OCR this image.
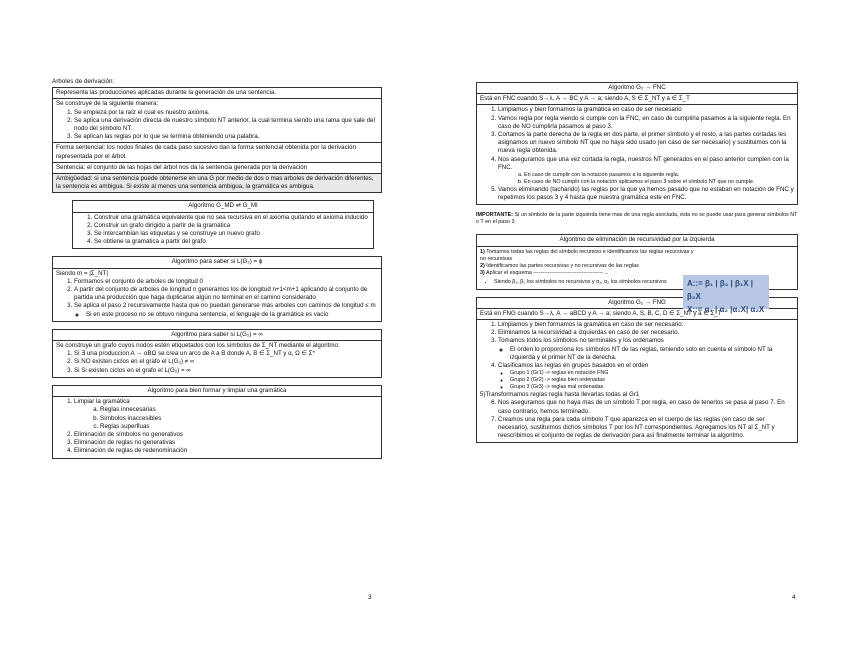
Arboles de derivación:
Representa las producciones aplicadas durante la generación de una sentencia.
Se construye de la siguiente manera:
1. Se empieza por la raíz el cual es nuestro axioma.
2. Se aplica una derivación directa de nuestro símbolo NT anterior, la cual termina siendo una rama que sale del nodo del símbolo NT.
3. Se aplican las reglas por lo que se termina obteniendo una palabra.
Forma sentencial: los nodos finales de cada paso sucesivo dan la forma sentencial obtenida por la derivación representada por el árbol.
Sentencia: el conjunto de las hojas del árbol nos da la sentencia generada por la derivación
Ambigüedad: si una sentencia puede obtenerse en una G por medio de dos o mas arboles de derivación diferentes, la sentencia es ambigua. Si existe al menos una sentencia ambigua, la gramática es ambigua.
Algoritmo G_MD ⇄ G_MI
1. Construir una gramática equivalente que no sea recursiva en el axioma quitando el axioma inducido
2. Construir un grafo dirigido a partir de la gramática
3. Se intercambian las etiquetas y se construye un nuevo grafo
4. Se obtiene la gramática a partir del grafo
Algoritmo para saber si L(G₂) = ϕ
Siendo m = |Σ_NT|
1. Formamos el conjunto de arboles de longitud 0
2. A partir del conjunto de arboles de longitud n generamos los de longitud n+1<m+1 aplicando al conjunto de partida una producción que haga duplicarse algún no terminal en el camino considerado
3. Se aplica el paso 2 recursivamente hasta que no puedan generarse más arboles con caminos de longitud ≤ m
◦ Si en este proceso no se obtuvo ninguna sentencia, el lenguaje de la gramática es vacío
Algoritmo para saber si L(G₂) = ∞
Se construye un grafo cuyos nodos estén etiquetados con los símbolos de Σ_NT mediante el algoritmo:
1. Si ∃ una produccion A → αBΩ se crea un arco de A a B donde A, B ∈ Σ_NT y α, Ω ∈ Σ*
2. Si NO existen ciclos en el grafo el L(G₂) ≠ ∞
3. Si Si existen ciclos en el grafo el L(G₂) = ∞
Algoritmo para bien formar y limpiar una gramática
1. Limpiar la gramática
a. Reglas innecesarias
b. Símbolos inaccesibles
c. Reglas superfluas
2. Eliminación de símbolos no generativos
3. Eliminación de reglas no generativas
4. Eliminación de reglas de redenominación
3
Algoritmo G₂ → FNC
Está en FNC cuando S→λ, A → BC y A → a; siendo A, S ∈ Σ_NT y a ∈ Σ_T
1. Limpiamos y bien formamos la gramática en caso de ser necesario
2. Vamos regla por regla viendo si cumple con la FNC, en caso de cumplirla pasamos a la siguiente regla. En caso de NO cumplirla pasamos al paso 3.
3. Cortamos la parte derecha de la regla en dos parte, el primer símbolo y el resto, a las partes cortadas les asignamos un nuevo símbolo NT que no haya sido usado (en caso de ser necesario) y sustituimos con la nueva regla obtenida.
4. Nos aseguramos que una vez cortada la regla, nuestros NT generados en el paso anterior cumplen con la FNC.
a. En caso de cumplir con la notación pasamos a la siguiente regla.
b. En caso de NO cumplir con la notación aplicamos el paso 3 sobre el símbolo NT que no cumple.
5. Vamos eliminando (tachando) las reglas por la que ya hemos pasado que no estaban en notación de FNC y repetimos los pasos 3 y 4 hasta que nuestra gramática este en FNC.
IMPORTANTE: Si un símbolo de la parte izquierda tiene mas de una regla asociada, ésta no se puede usar para generar símbolos NT o T en el paso 3.
Algoritmo de eliminación de recursividad por la izquierda
1) Tomamos todas las reglas del símbolo recursivo e identificamos las reglas recursivas y no recursivas
2) Identificamos las partes recursivas y no recursivas de las reglas
3) Aplicar el esquema ---------------------------------------→
• Siendo β₁, β₂ los símbolos no recursivos y α₁, α₂ los símbolos recursivos	A::= β₁ | β₂ | β₁X | β₂X
X::= α₁ | α₂ |α₁X| α₂X
Algoritmo G₂ → FNG
Está en FNG cuando S→λ, A → aBCD y A → a; siendo A, S, B, C, D ∈ Σ_NT y a ∈ Σ_T
1. Limpiamos y bien formamos la gramática en caso de ser necesario.
2. Eliminamos la recursividad a izquierdas en caso de ser necesario.
3. Tomamos todos los símbolos no terminales y los ordenamos
◦ El orden lo proporciona los símbolos NT de las reglas, teniendo solo en cuenta el símbolo NT la izquierda y el primer NT de la derecha.
4. Clasificamos las reglas en grupos basados en el orden
◦ Grupo 1 (Gr1) -> reglas en notación FNG
◦ Grupo 2 (Gr2) -> reglas bien ordenadas
◦ Grupo 3 (Gr3) -> reglas mal ordenadas
5)Transformamos reglas regla hasta llevarlas todas al Gr1
6. Nos aseguramos que no haya mas de un símbolo T por regla, en caso de tenerlos se pasa al paso 7. En caso contrario, hemos terminado.
7. Creamos una regla para cada símbolo T que aparezca en el cuerpo de las reglas (en caso de ser necesario), sustituimos dichos símbolos T por los NT correspondientes. Agregamos los NT al Σ_NT y reescribimos el conjunto de reglas de derivación para así finalmente terminar la algoritmo.
4
